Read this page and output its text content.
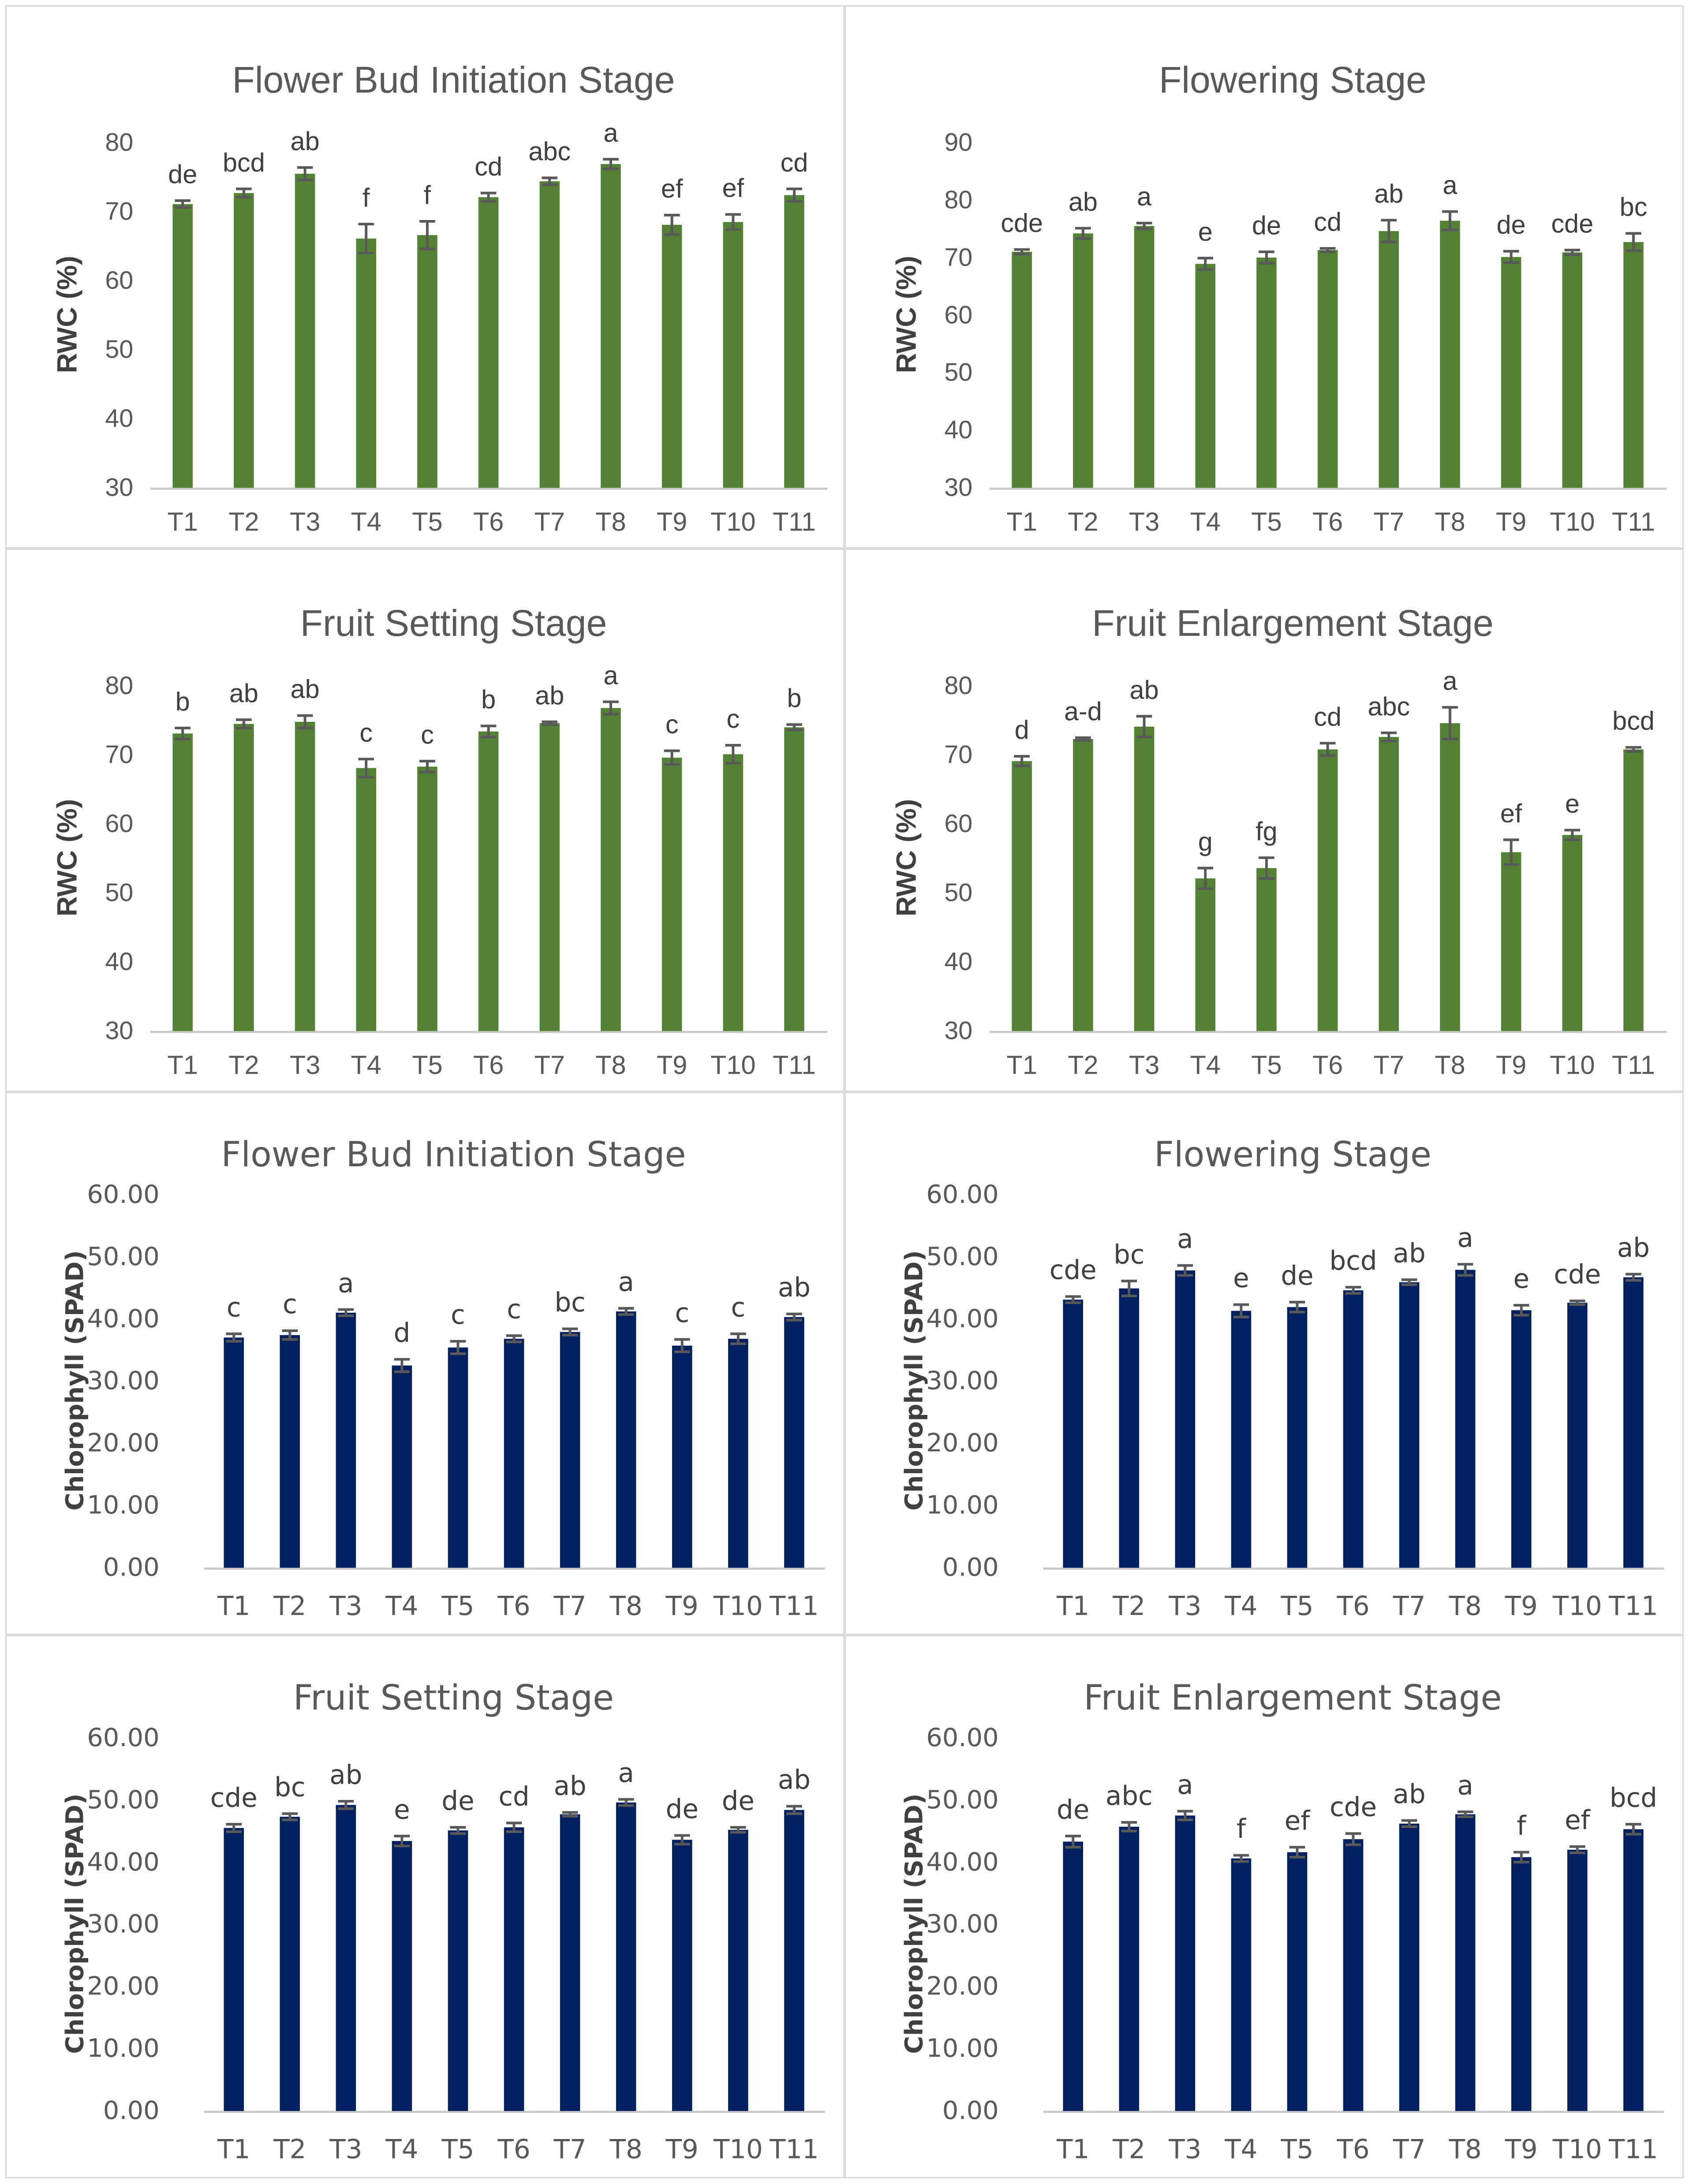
Flower Bud Initiation Stage
30
40
50
60
70
80
RWC (%)
de
T1
bcd
T2
ab
T3
f
T4
f
T5
cd
T6
abc
T7
a
T8
ef
T9
ef
T10
cd
T11
Flowering Stage
30
40
50
60
70
80
90
RWC (%)
cde
T1
ab
T2
a
T3
e
T4
de
T5
cd
T6
ab
T7
a
T8
de
T9
cde
T10
bc
T11
Fruit Setting Stage
30
40
50
60
70
80
RWC (%)
b
T1
ab
T2
ab
T3
c
T4
c
T5
b
T6
ab
T7
a
T8
c
T9
c
T10
b
T11
Fruit Enlargement Stage
30
40
50
60
70
80
RWC (%)
d
T1
a-d
T2
ab
T3
g
T4
fg
T5
cd
T6
abc
T7
a
T8
ef
T9
e
T10
bcd
T11
Flower Bud Initiation Stage
0.00
10.00
20.00
30.00
40.00
50.00
60.00
Chlorophyll (SPAD)	c
T1
c
T2
a
T3
d
T4
c
T5
c
T6
bc
T7
a
T8
c
T9
c
T10
ab
T11
Flowering Stage
0.00
10.00
20.00
30.00
40.00
50.00
60.00
Chlorophyll (SPAD)	cde
T1
bc
T2
a
T3
e
T4
de
T5
bcd
T6
ab
T7
a
T8
e
T9
cde
T10
ab
T11
Fruit Setting Stage
0.00
10.00
20.00
30.00
40.00
50.00
60.00
Chlorophyll (SPAD)	cde
T1
bc
T2
ab
T3
e
T4
de
T5
cd
T6
ab
T7
a
T8
de
T9
de
T10
ab
T11
Fruit Enlargement Stage
0.00
10.00
20.00
30.00
40.00
50.00
60.00
Chlorophyll (SPAD)	de
T1
abc
T2
a
T3
f
T4
ef
T5
cde
T6
ab
T7
a
T8
f
T9
ef
T10
bcd
T11
